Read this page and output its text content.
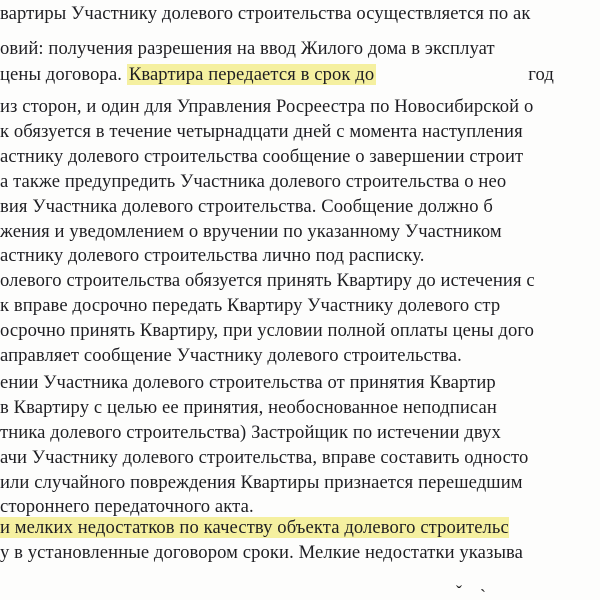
вартиры Участнику долевого строительства осуществляется по ак
овий: получения разрешения на ввод Жилого дома в эксплуат
цены договора. Квартира передается в срок до	год
из сторон, и один для Управления Росреестра по Новосибирской о
к обязуется в течение четырнадцати дней с момента наступления
астнику долевого строительства сообщение о завершении строит
а также предупредить Участника долевого строительства о нео
вия Участника долевого строительства. Сообщение должно б
жения и уведомлением о вручении по указанному Участником
астнику долевого строительства лично под расписку.
олевого строительства обязуется принять Квартиру до истечения с
к вправе досрочно передать Квартиру Участнику долевого стр
осрочно принять Квартиру, при условии полной оплаты цены дого
аправляет сообщение Участнику долевого строительства.
ении Участника долевого строительства от принятия Квартир
в Квартиру с целью ее принятия, необоснованное неподписан
тника долевого строительства) Застройщик по истечении двух
ачи Участнику долевого строительства, вправе составить односто
или случайного повреждения Квартиры признается перешедшим
стороннего передаточного акта.
и мелких недостатков по качеству объекта долевого строительс
у в установленные договором сроки. Мелкие недостатки указыва
ˇ `
